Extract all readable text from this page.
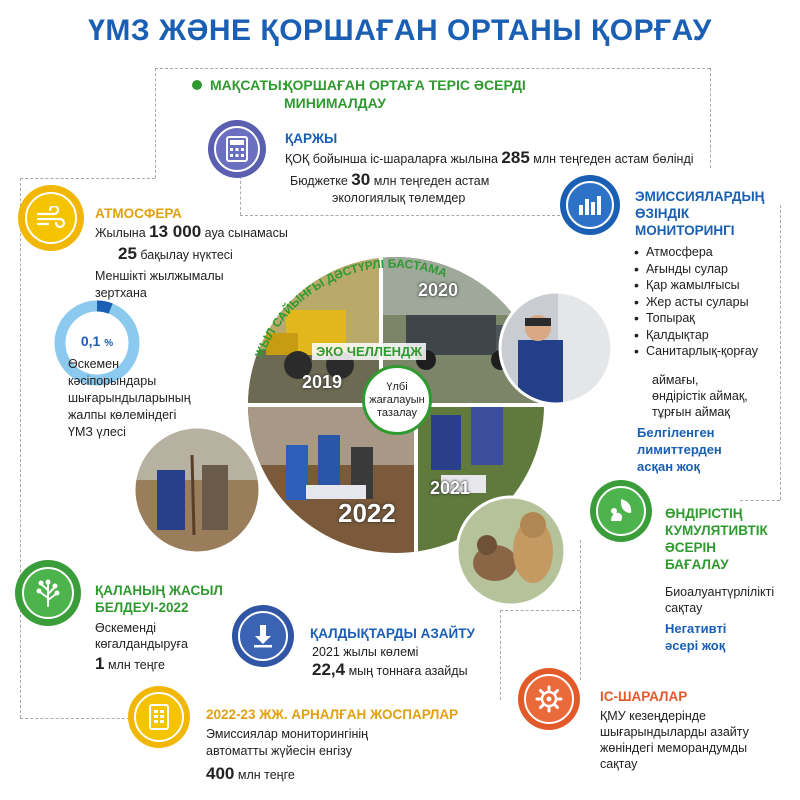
ҮМЗ ЖӘНЕ ҚОРШАҒАН ОРТАНЫ ҚОРҒАУ
МАҚСАТЫ:
ҚОРШАҒАН ОРТАҒА ТЕРІС ӘСЕРДІ
МИНИМАЛДАУ
ҚАРЖЫ
ҚОҚ бойынша іс-шараларға жылына 285 млн теңгеден астам бөлінді
Бюджетке 30 млн теңгеден астам
экологиялық төлемдер
АТМОСФЕРА
Жылына 13 000 ауа сынамасы
25 бақылау нүктесі
Меншікті жылжымалы
зертхана
0,1 %
Өскемен
кәсіпорындары
шығарындыларының
жалпы көлеміндегі
ҮМЗ үлесі
ЭМИССИЯЛАРДЫҢ
ӨЗІНДІК
МОНИТОРИНГІ
• Атмосфера
• Ағынды сулар
• Қар жамылғысы
• Жер асты сулары
• Топырақ
• Қалдықтар
• Санитарлық-қорғау
аймағы,
өндірістік аймақ,
тұрғын аймақ
Белгіленген
лимиттерден
асқан жоқ
ЖЫЛ САЙЫНҒЫ ДӘСТҮРЛІ БАСТАМА
ЭКО ЧЕЛЛЕНДЖ
Үлбі
жағалауын
тазалау
2019
2020
2021
2022	ӨНДІРІСТІҢ
КУМУЛЯТИВТІК
ӘСЕРІН
БАҒАЛАУ
Биоалуантүрлілікті
сақтау
Негативті
әсері жоқ
ҚАЛАНЫҢ ЖАСЫЛ
БЕЛДЕУІ-2022
Өскеменді
көгалдандыруға
1 млн теңге
ҚАЛДЫҚТАРДЫ АЗАЙТУ
2021 жылы көлемі
22,4 мың тоннаға азайды
2022-23 ЖЖ. АРНАЛҒАН ЖОСПАРЛАР
Эмиссиялар мониторингінің
автоматты жүйесін енгізу
400 млн теңге
ІС-ШАРАЛАР
ҚМУ кезеңдерінде
шығарындыларды азайту
жөніндегі меморандумды
сақтау
